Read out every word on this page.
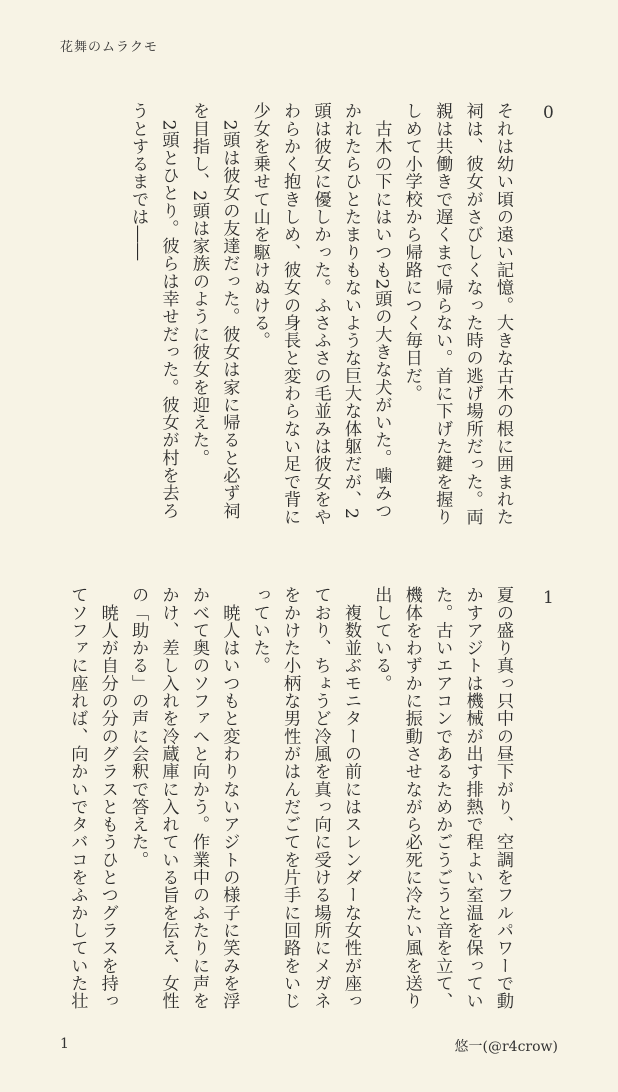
花舞のムラクモ
0

それは幼い頃の遠い記憶。大きな古木の根に囲まれた祠は、彼女がさびしくなった時の逃げ場所だった。両親は共働きで遅くまで帰らない。首に下げた鍵を握りしめて小学校から帰路につく毎日だ。

　古木の下にはいつも2頭の大きな犬がいた。噛みつかれたらひとたまりもないような巨大な体躯だが、2頭は彼女に優しかった。ふさふさの毛並みは彼女をやわらかく抱きしめ、彼女の身長と変わらない足で背に少女を乗せて山を駆けぬける。

　2頭は彼女の友達だった。彼女は家に帰ると必ず祠を目指し、2頭は家族のように彼女を迎えた。

　2頭とひとり。彼らは幸せだった。彼女が村を去ろうとするまでは――

1

夏の盛り真っ只中の昼下がり、空調をフルパワーで動かすアジトは機械が出す排熱で程よい室温を保っていた。古いエアコンであるためかごうごうと音を立て、機体をわずかに振動させながら必死に冷たい風を送り出している。

　複数並ぶモニターの前にはスレンダーな女性が座っており、ちょうど冷風を真っ向に受ける場所にメガネをかけた小柄な男性がはんだごてを片手に回路をいじっていた。

　暁人はいつもと変わりないアジトの様子に笑みを浮かべて奥のソファへと向かう。作業中のふたりに声をかけ、差し入れを冷蔵庫に入れている旨を伝え、女性の「助かる」の声に会釈で答えた。

　暁人が自分の分のグラスともうひとつグラスを持ってソファに座れば、向かいでタバコをふかしていた壮

1	悠一(@r4crow)
